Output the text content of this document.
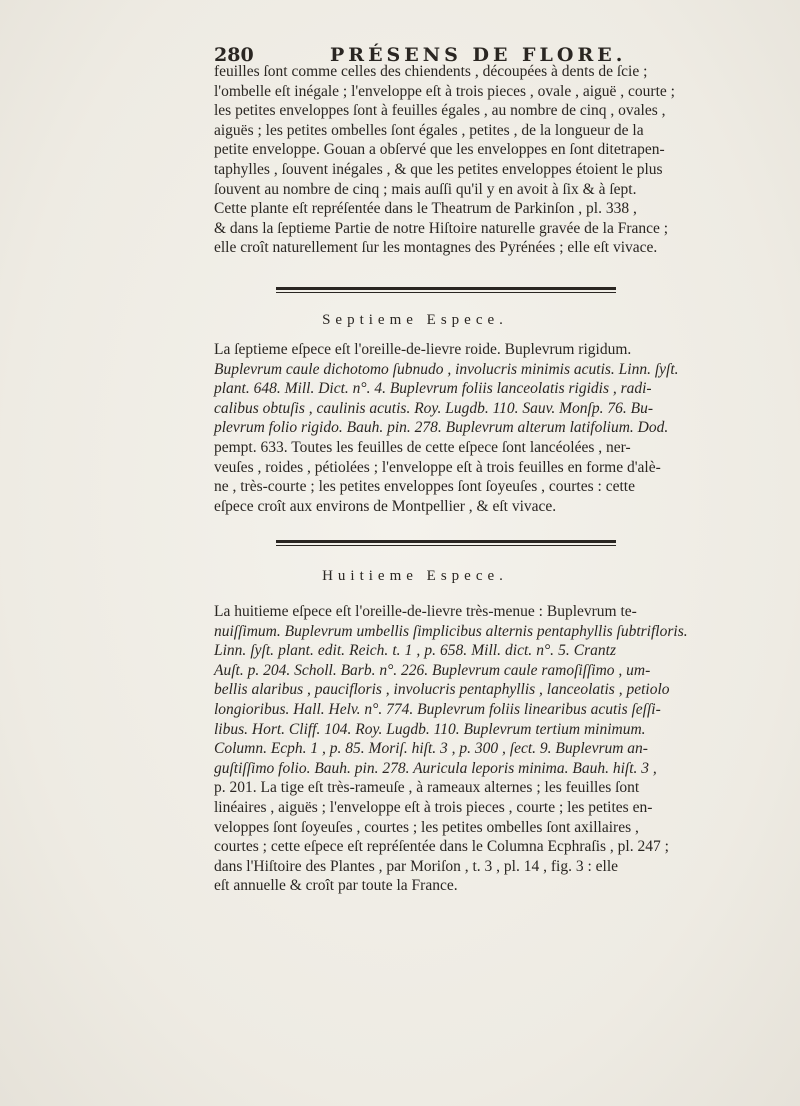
280	PRÉSENS DE FLORE.
feuilles ſont comme celles des chiendents , découpées à dents de ſcie ;
l'ombelle eſt inégale ; l'enveloppe eſt à trois pieces , ovale , aiguë , courte ;
les petites enveloppes ſont à feuilles égales , au nombre de cinq , ovales ,
aiguës ; les petites ombelles ſont égales , petites , de la longueur de la
petite enveloppe. Gouan a obſervé que les enveloppes en ſont ditetrapen-
taphylles , ſouvent inégales , & que les petites enveloppes étoient le plus
ſouvent au nombre de cinq ; mais auſſi qu'il y en avoit à ſix & à ſept.
Cette plante eſt repréſentée dans le Theatrum de Parkinſon , pl. 338 ,
& dans la ſeptieme Partie de notre Hiſtoire naturelle gravée de la France ;
elle croît naturellement ſur les montagnes des Pyrénées ; elle eſt vivace.
Septieme Espece.
La ſeptieme eſpece eſt l'oreille-de-lievre roide. Buplevrum rigidum.
Buplevrum caule dichotomo ſubnudo , involucris minimis acutis. Linn. ſyſt.
plant. 648. Mill. Dict. n°. 4. Buplevrum foliis lanceolatis rigidis , radi-
calibus obtuſis , caulinis acutis. Roy. Lugdb. 110. Sauv. Monſp. 76. Bu-
plevrum folio rigido. Bauh. pin. 278. Buplevrum alterum latifolium. Dod.
pempt. 633. Toutes les feuilles de cette eſpece ſont lancéolées , ner-
veuſes , roides , pétiolées ; l'enveloppe eſt à trois feuilles en forme d'alè-
ne , très-courte ; les petites enveloppes ſont ſoyeuſes , courtes : cette
eſpece croît aux environs de Montpellier , & eſt vivace.
Huitieme Espece.
La huitieme eſpece eſt l'oreille-de-lievre très-menue : Buplevrum te-
nuiſſimum. Buplevrum umbellis ſimplicibus alternis pentaphyllis ſubtrifloris.
Linn. ſyſt. plant. edit. Reich. t. 1 , p. 658. Mill. dict. n°. 5. Crantz
Auſt. p. 204. Scholl. Barb. n°. 226. Buplevrum caule ramoſiſſimo , um-
bellis alaribus , paucifloris , involucris pentaphyllis , lanceolatis , petiolo
longioribus. Hall. Helv. n°. 774. Buplevrum foliis linearibus acutis ſeſſi-
libus. Hort. Cliff. 104. Roy. Lugdb. 110. Buplevrum tertium minimum.
Column. Ecph. 1 , p. 85. Moriſ. hiſt. 3 , p. 300 , ſect. 9. Buplevrum an-
guſtiſſimo folio. Bauh. pin. 278. Auricula leporis minima. Bauh. hiſt. 3 ,
p. 201. La tige eſt très-rameuſe , à rameaux alternes ; les feuilles ſont
linéaires , aiguës ; l'enveloppe eſt à trois pieces , courte ; les petites en-
veloppes ſont ſoyeuſes , courtes ; les petites ombelles ſont axillaires ,
courtes ; cette eſpece eſt repréſentée dans le Columna Ecphraſis , pl. 247 ;
dans l'Hiſtoire des Plantes , par Moriſon , t. 3 , pl. 14 , fig. 3 : elle
eſt annuelle & croît par toute la France.
